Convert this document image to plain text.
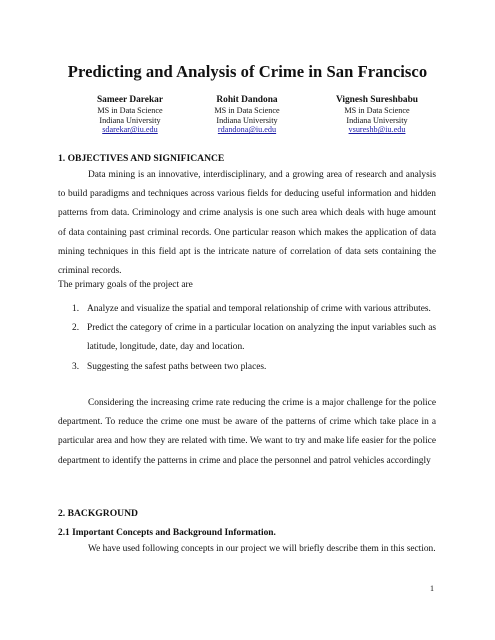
Predicting and Analysis of Crime in San Francisco
Sameer Darekar
MS in Data Science
Indiana University
sdarekar@iu.edu
Rohit Dandona
MS in Data Science
Indiana University
rdandona@iu.edu
Vignesh Sureshbabu
MS in Data Science
Indiana University
vsureshb@iu.edu
1. OBJECTIVES AND SIGNIFICANCE

Data mining is an innovative, interdisciplinary, and a growing area of research and analysis to build paradigms and techniques across various fields for deducing useful information and hidden patterns from data. Criminology and crime analysis is one such area which deals with huge amount of data containing past criminal records. One particular reason which makes the application of data mining techniques in this field apt is the intricate nature of correlation of data sets containing the criminal records.

The primary goals of the project are

1. Analyze and visualize the spatial and temporal relationship of crime with various attributes.
2. Predict the category of crime in a particular location on analyzing the input variables such as latitude, longitude, date, day and location.
3. Suggesting the safest paths between two places.

Considering the increasing crime rate reducing the crime is a major challenge for the police department. To reduce the crime one must be aware of the patterns of crime which take place in a particular area and how they are related with time. We want to try and make life easier for the police department to identify the patterns in crime and place the personnel and patrol vehicles accordingly

2. BACKGROUND
2.1 Important Concepts and Background Information.

We have used following concepts in our project we will briefly describe them in this section.

1
